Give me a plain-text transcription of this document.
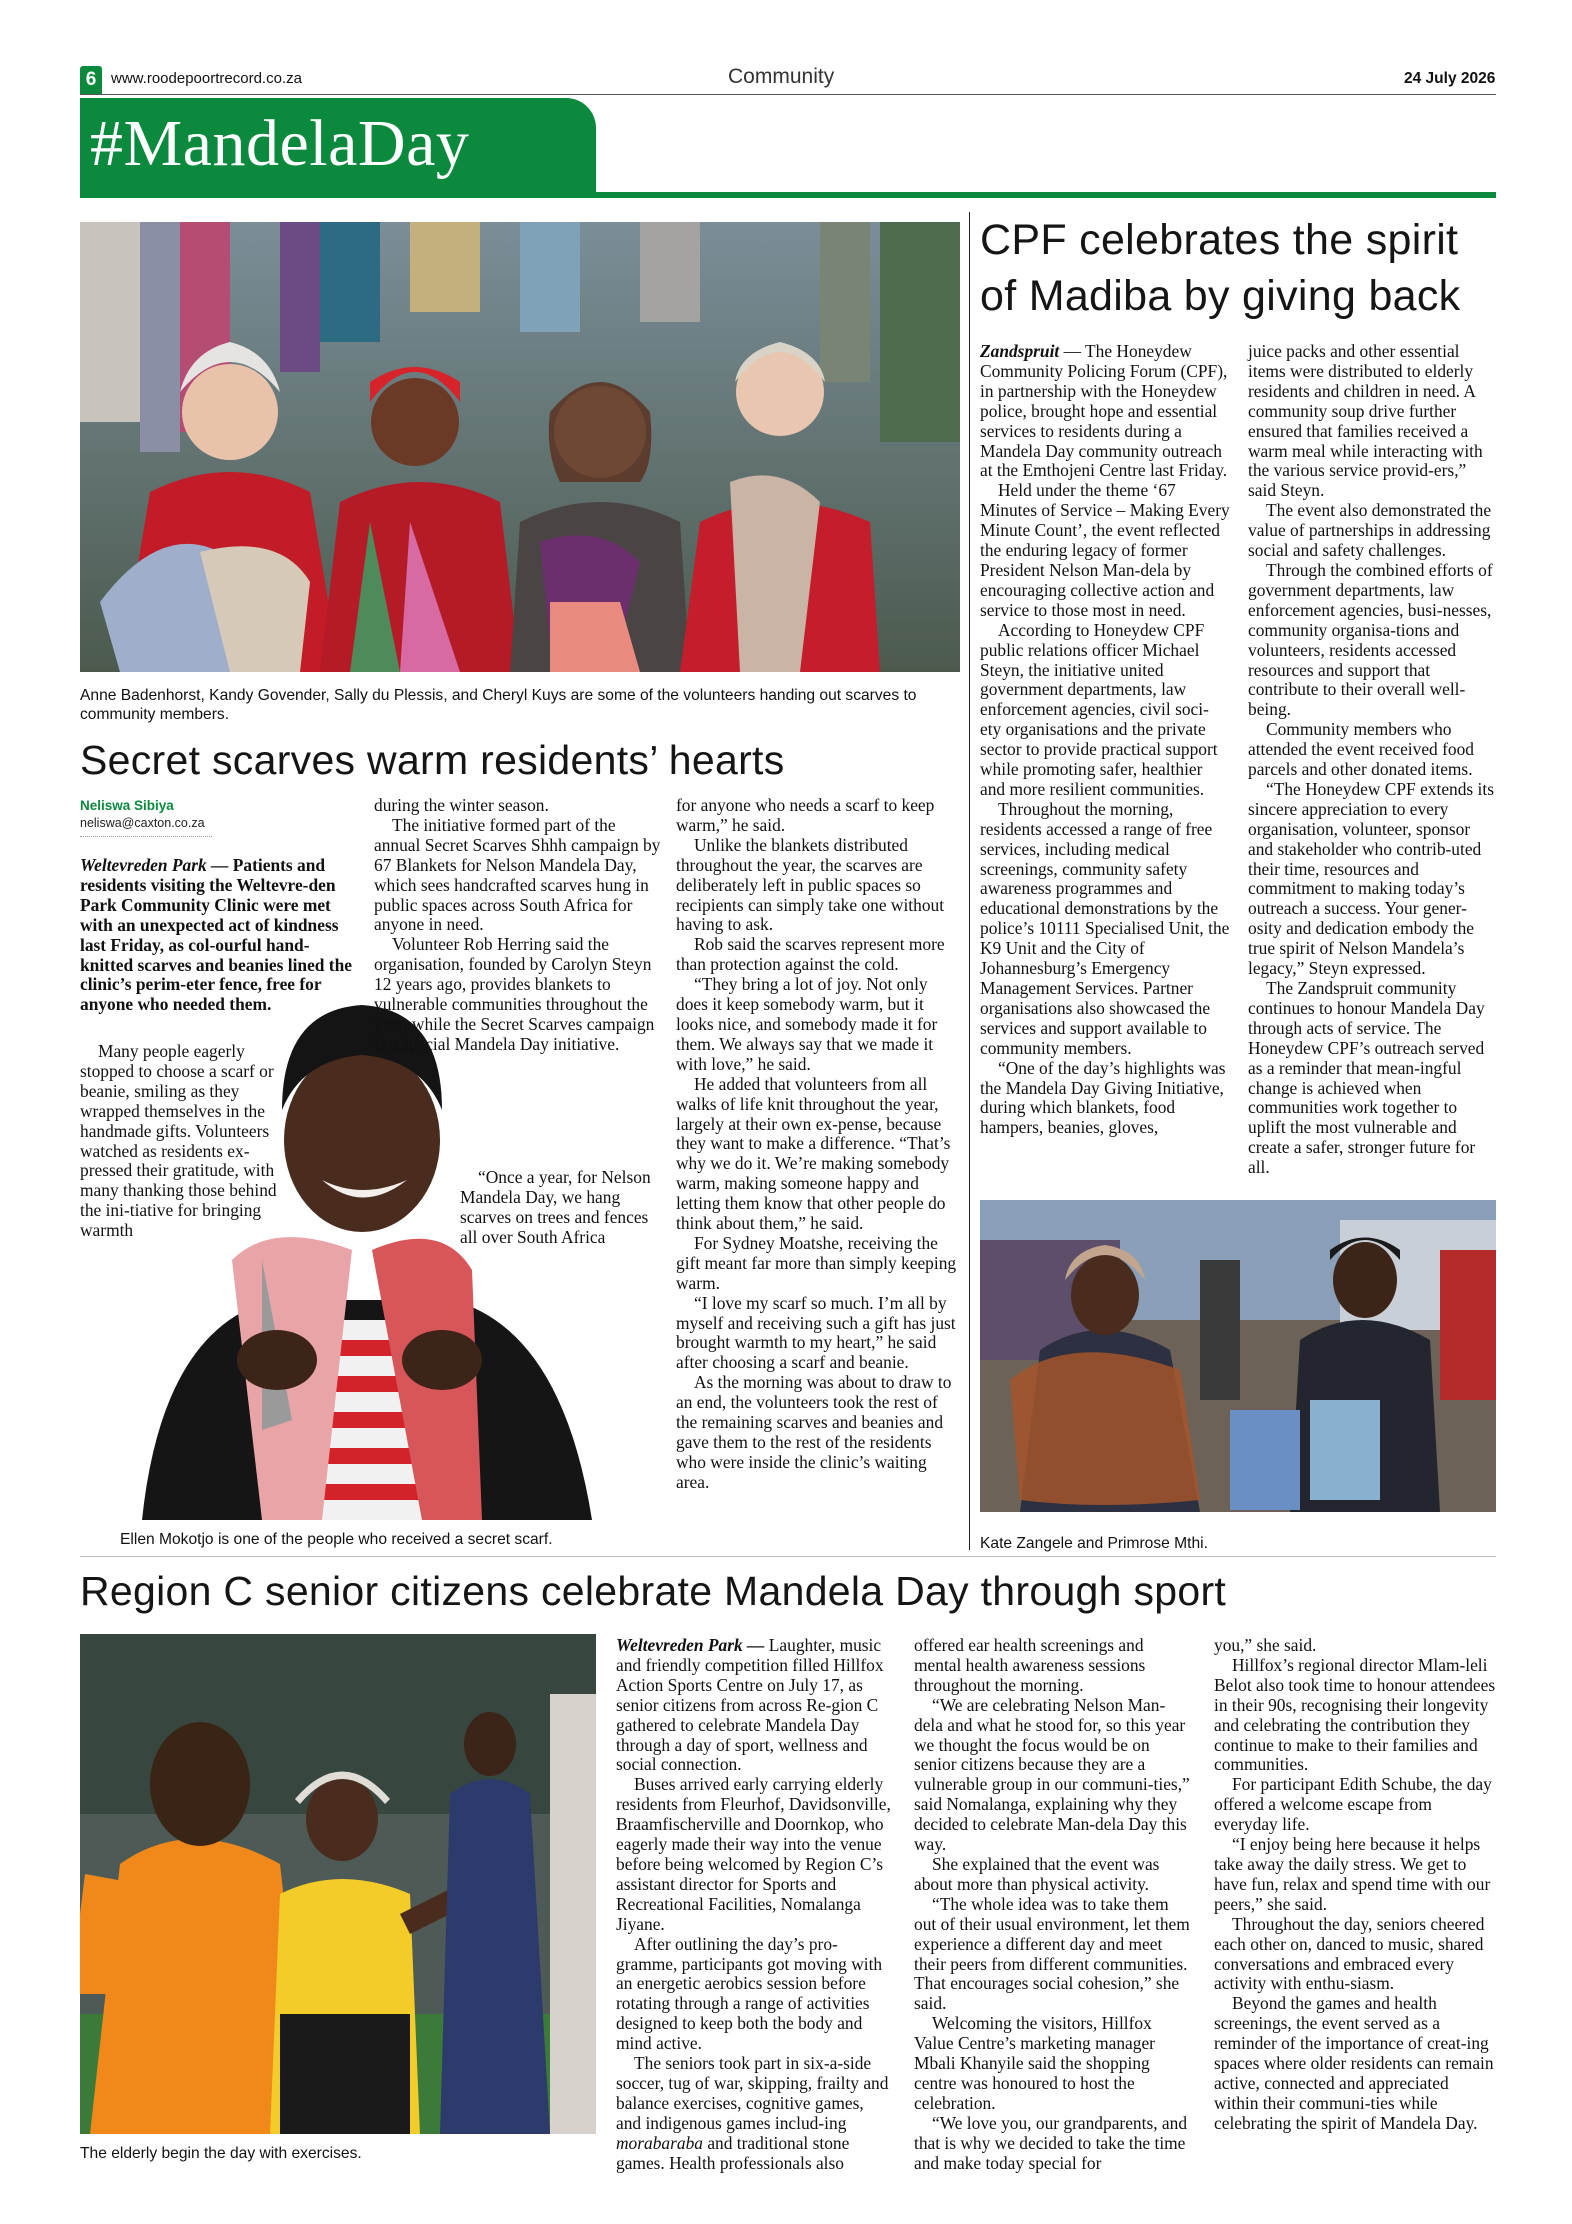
6 www.roodepoortrecord.co.za	Community	24 July 2026
#MandelaDay
Anne Badenhorst, Kandy Govender, Sally du Plessis, and Cheryl Kuys are some of the volunteers handing out scarves to community members.
Secret scarves warm residents’ hearts
Neliswa Sibiya
neliswa@caxton.co.za

Weltevreden Park — Patients and residents visiting the Weltevre-den Park Community Clinic were met with an unexpected act of kindness last Friday, as col-ourful hand-knitted scarves and beanies lined the clinic’s perim-eter fence, free for anyone who needed them.

Many people eagerly stopped to choose a scarf or beanie, smiling as they wrapped themselves in the handmade gifts. Volunteers watched as residents ex-pressed their gratitude, with many thanking those behind the ini-tiative for bringing warmth

during the winter season.

The initiative formed part of the annual Secret Scarves Shhh campaign by 67 Blankets for Nelson Mandela Day, which sees handcrafted scarves hung in public spaces across South Africa for anyone in need.

Volunteer Rob Herring said the organisation, founded by Carolyn Steyn 12 years ago, provides blankets to vulnerable communities throughout the year, while the Secret Scarves campaign is a special Mandela Day initiative.

“Once a year, for Nelson Mandela Day, we hang scarves on trees and fences all over South Africa

for anyone who needs a scarf to keep warm,” he said.

Unlike the blankets distributed throughout the year, the scarves are deliberately left in public spaces so recipients can simply take one without having to ask.

Rob said the scarves represent more than protection against the cold.

“They bring a lot of joy. Not only does it keep somebody warm, but it looks nice, and somebody made it for them. We always say that we made it with love,” he said.

He added that volunteers from all walks of life knit throughout the year, largely at their own ex-pense, because they want to make a difference. “That’s why we do it. We’re making somebody warm, making someone happy and letting them know that other people do think about them,” he said.

For Sydney Moatshe, receiving the gift meant far more than simply keeping warm.

“I love my scarf so much. I’m all by myself and receiving such a gift has just brought warmth to my heart,” he said after choosing a scarf and beanie.

As the morning was about to draw to an end, the volunteers took the rest of the remaining scarves and beanies and gave them to the rest of the residents who were inside the clinic’s waiting area.

Ellen Mokotjo is one of the people who received a secret scarf.
CPF celebrates the spirit
of Madiba by giving back

Zandspruit — The Honeydew Community Policing Forum (CPF), in partnership with the Honeydew police, brought hope and essential services to residents during a Mandela Day community outreach at the Emthojeni Centre last Friday.

Held under the theme ‘67 Minutes of Service – Making Every Minute Count’, the event reflected the enduring legacy of former President Nelson Man-dela by encouraging collective action and service to those most in need.

According to Honeydew CPF public relations officer Michael Steyn, the initiative united government departments, law enforcement agencies, civil soci-ety organisations and the private sector to provide practical support while promoting safer, healthier and more resilient communities.

Throughout the morning, residents accessed a range of free services, including medical screenings, community safety awareness programmes and educational demonstrations by the police’s 10111 Specialised Unit, the K9 Unit and the City of Johannesburg’s Emergency Management Services. Partner organisations also showcased the services and support available to community members.

“One of the day’s highlights was the Mandela Day Giving Initiative, during which blankets, food hampers, beanies, gloves,

juice packs and other essential items were distributed to elderly residents and children in need. A community soup drive further ensured that families received a warm meal while interacting with the various service provid-ers,” said Steyn.

The event also demonstrated the value of partnerships in addressing social and safety challenges.

Through the combined efforts of government departments, law enforcement agencies, busi-nesses, community organisa-tions and volunteers, residents accessed resources and support that contribute to their overall well-being.

Community members who attended the event received food parcels and other donated items.

“The Honeydew CPF extends its sincere appreciation to every organisation, volunteer, sponsor and stakeholder who contrib-uted their time, resources and commitment to making today’s outreach a success. Your gener-osity and dedication embody the true spirit of Nelson Mandela’s legacy,” Steyn expressed.

The Zandspruit community continues to honour Mandela Day through acts of service. The Honeydew CPF’s outreach served as a reminder that mean-ingful change is achieved when communities work together to uplift the most vulnerable and create a safer, stronger future for all.

Kate Zangele and Primrose Mthi.
Region C senior citizens celebrate Mandela Day through sport
The elderly begin the day with exercises.

Weltevreden Park — Laughter, music and friendly competition filled Hillfox Action Sports Centre on July 17, as senior citizens from across Re-gion C gathered to celebrate Mandela Day through a day of sport, wellness and social connection.

Buses arrived early carrying elderly residents from Fleurhof, Davidsonville, Braamfischerville and Doornkop, who eagerly made their way into the venue before being welcomed by Region C’s assistant director for Sports and Recreational Facilities, Nomalanga Jiyane.

After outlining the day’s pro-gramme, participants got moving with an energetic aerobics session before rotating through a range of activities designed to keep both the body and mind active.

The seniors took part in six-a-side soccer, tug of war, skipping, frailty and balance exercises, cognitive games, and indigenous games includ-ing morabaraba and traditional stone games. Health professionals also

offered ear health screenings and mental health awareness sessions throughout the morning.

“We are celebrating Nelson Man-dela and what he stood for, so this year we thought the focus would be on senior citizens because they are a vulnerable group in our communi-ties,” said Nomalanga, explaining why they decided to celebrate Man-dela Day this way.

She explained that the event was about more than physical activity.

“The whole idea was to take them out of their usual environment, let them experience a different day and meet their peers from different communities. That encourages social cohesion,” she said.

Welcoming the visitors, Hillfox Value Centre’s marketing manager Mbali Khanyile said the shopping centre was honoured to host the celebration.

“We love you, our grandparents, and that is why we decided to take the time and make today special for

you,” she said.

Hillfox’s regional director Mlam-leli Belot also took time to honour attendees in their 90s, recognising their longevity and celebrating the contribution they continue to make to their families and communities.

For participant Edith Schube, the day offered a welcome escape from everyday life.

“I enjoy being here because it helps take away the daily stress. We get to have fun, relax and spend time with our peers,” she said.

Throughout the day, seniors cheered each other on, danced to music, shared conversations and embraced every activity with enthu-siasm.

Beyond the games and health screenings, the event served as a reminder of the importance of creat-ing spaces where older residents can remain active, connected and appreciated within their communi-ties while celebrating the spirit of Mandela Day.
